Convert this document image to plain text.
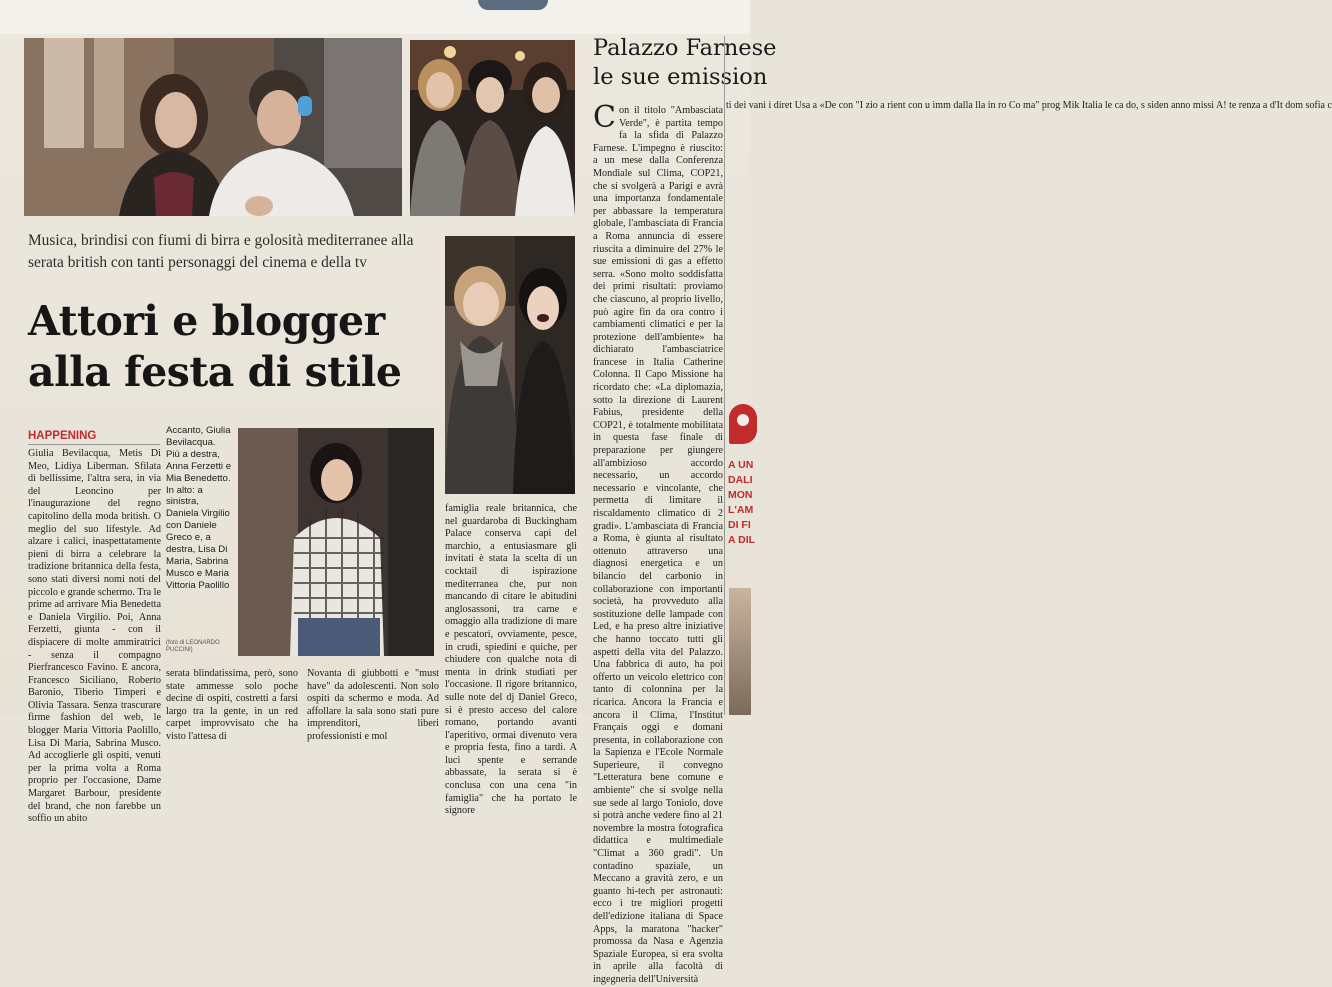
Musica, brindisi con fiumi di birra e golosità mediterranee alla serata british con tanti personaggi del cinema e della tv
Attori e blogger alla festa di stile
HAPPENING

Giulia Bevilacqua, Metis Di Meo, Lidiya Liberman. Sfilata di bellissime, l'altra sera, in via del Leoncino per l'inaugurazione del regno capitolino della moda british. O meglio del suo lifestyle. Ad alzare i calici, inaspettatamente pieni di birra a celebrare la tradizione britannica della festa, sono stati diversi nomi noti del piccolo e grande schermo. Tra le prime ad arrivare Mia Benedetta e Daniela Virgilio. Poi, Anna Ferzetti, giunta - con il dispiacere di molte ammiratrici - senza il compagno Pierfrancesco Favino. E ancora, Francesco Siciliano, Roberto Baronio, Tiberio Timperi e Olivia Tassara. Senza trascurare firme fashion del web, le blogger Maria Vittoria Paolillo, Lisa Di Maria, Sabrina Musco. Ad accoglierle gli ospiti, venuti per la prima volta a Roma proprio per l'occasione, Dame Margaret Barbour, presidente del brand, che non farebbe un soffio un abito

Accanto, Giulia Bevilacqua. Più a destra, Anna Ferzetti e Mia Benedetto. In alto: a sinistra, Daniela Virgilio con Daniele Greco e, a destra, Lisa Di Maria, Sabrina Musco e Maria Vittoria Paolillo

(foto di LEONARDO PUCCINI)

serata blindatissima, però, sono state ammesse solo poche decine di ospiti, costretti a farsi largo tra la gente, in un red carpet improvvisato che ha visto l'attesa di

Novanta di giubbotti e "must have" da adolescenti. Non solo ospiti da schermo e moda. Ad affollare la sala sono stati pure imprenditori, liberi professionisti e mol

famiglia reale britannica, che nel guardaroba di Buckingham Palace conserva capi del marchio, a entusiasmare gli invitati è stata la scelta di un cocktail di ispirazione mediterranea che, pur non mancando di citare le abitudini anglosassoni, tra carne e omaggio alla tradizione di mare e pescatori, ovviamente, pesce, in crudi, spiedini e quiche, per chiudere con qualche nota di menta in drink studiati per l'occasione. Il rigore britannico, sulle note del dj Daniel Greco, si è presto acceso del calore romano, portando avanti l'aperitivo, ormai divenuto vera e propria festa, fino a tardi. A luci spente e serrande abbassate, la serata si è conclusa con una cena "in famiglia" che ha portato le signore

Palazzo Farnese
le sue emission
C on il titolo "Ambasciata Verde", è partita tempo fa la sfida di Palazzo Farnese. L'impegno è riuscito: a un mese dalla Conferenza Mondiale sul Clima, COP21, che si svolgerà a Parigi e avrà una importanza fondamentale per abbassare la temperatura globale, l'ambasciata di Francia a Roma annuncia di essere riuscita a diminuire del 27% le sue emissioni di gas a effetto serra. «Sono molto soddisfatta dei primi risultati: proviamo che ciascuno, al proprio livello, può agire fin da ora contro i cambiamenti climatici e per la protezione dell'ambiente» ha dichiarato l'ambasciatrice francese in Italia Catherine Colonna. Il Capo Missione ha ricordato che: «La diplomazia, sotto la direzione di Laurent Fabius, presidente della COP21, è totalmente mobilitata in questa fase finale di preparazione per giungere all'ambizioso accordo necessario, un accordo necessario e vincolante, che permetta di limitare il riscaldamento climatico di 2 gradi». L'ambasciata di Francia a Roma, è giunta al risultato ottenuto attraverso una diagnosi energetica e un bilancio del carbonio in collaborazione con importanti società, ha provveduto alla sostituzione delle lampade con Led, e ha preso altre iniziative che hanno toccato tutti gli aspetti della vita del Palazzo. Una fabbrica di auto, ha poi offerto un veicolo elettrico con tanto di colonnina per la ricarica. Ancora la Francia e ancora il Clima, l'Institut Français oggi e domani presenta, in collaborazione con la Sapienza e l'Ecole Normale Superieure, il convegno "Letteratura bene comune e ambiente" che si svolge nella sue sede al largo Toniolo, dove si potrà anche vedere fino al 21 novembre la mostra fotografica didattica e multimediale "Climat a 360 gradi". Un contadino spaziale, un Meccano a gravità zero, e un guanto hi-tech per astronauti: ecco i tre migliori progetti dell'edizione italiana di Space Apps, la maratona "hacker" promossa da Nasa e Agenzia Spaziale Europea, si era svolta in aprile alla facoltà di ingegneria dell'Università

ti dei vani i diret Usa a «De con "I zio a rient con u imm dalla lla in ro Co ma" prog Mik Italia le ca do, s siden anno missi A! te renza a d'It dom sofia c
A UN
DALI
MON
L'AM
DI FI
A DIL
